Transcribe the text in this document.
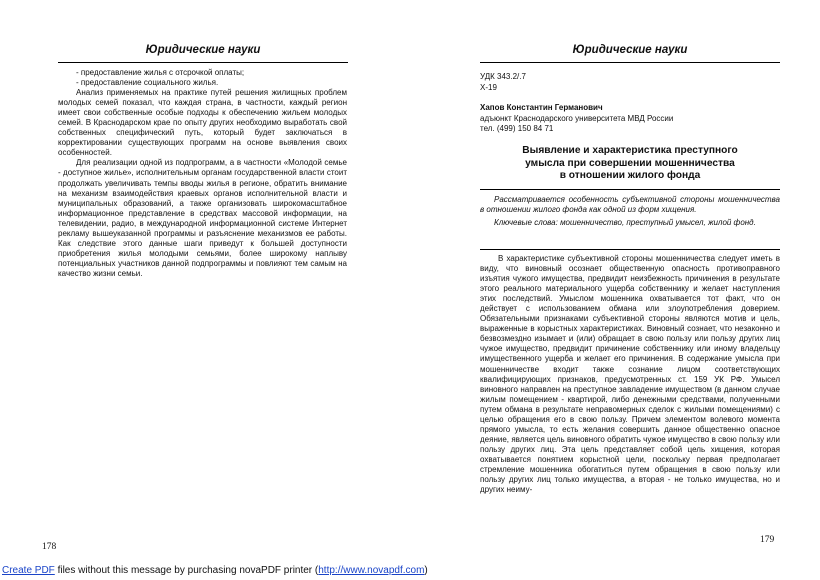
Юридические науки

- предоставление жилья с отсрочкой оплаты;

- предоставление социального жилья.

Анализ применяемых на практике путей решения жилищных проблем молодых семей показал, что каждая страна, в частности, каждый регион имеет свои собственные особые подходы к обеспечению жильем молодых семей. В Краснодарском крае по опыту других необходимо выработать свой собственных специфический путь, который будет заключаться в корректировании существующих программ на основе выявления своих особенностей.

Для реализации одной из подпрограмм, а в частности «Молодой семье - доступное жилье», исполнительным органам государственной власти стоит продолжать увеличивать темпы вводы жилья в регионе, обратить внимание на механизм взаимодействия краевых органов исполнительной власти и муниципальных образований, а также организовать широкомасштабное информационное представление в средствах массовой информации, на телевидении, радио, в международной информационной системе Интернет рекламу вышеуказанной программы и разъяснение механизмов ее работы. Как следствие этого данные шаги приведут к большей доступности приобретения жилья молодыми семьями, более широкому наплыву потенциальных участников данной подпрограммы и повлияют тем самым на качество жизни семьи.

178
Юридические науки
УДК 343.2/.7
Х-19
Хапов Константин Германович
адъюнкт Краснодарского университета МВД России
тел. (499) 150 84 71
Выявление и характеристика преступного
умысла при совершении мошенничества
в отношении жилого фонда

Рассматривается особенность субъективной стороны мошенничества в отношении жилого фонда как одной из форм хищения.

Ключевые слова: мошенничество, преступный умысел, жилой фонд.

В характеристике субъективной стороны мошенничества следует иметь в виду, что виновный осознает общественную опасность противоправного изъятия чужого имущества, предвидит неизбежность причинения в результате этого реального материального ущерба собственнику и желает наступления этих последствий. Умыслом мошенника охватывается тот факт, что он действует с использованием обмана или злоупотребления доверием. Обязательными признаками субъективной стороны являются мотив и цель, выраженные в корыстных характеристиках. Виновный сознает, что незаконно и безвозмездно изымает и (или) обращает в свою пользу или пользу других лиц чужое имущество, предвидит причинение собственнику или иному владельцу имущественного ущерба и желает его причинения. В содержание умысла при мошенничестве входит также сознание лицом соответствующих квалифицирующих признаков, предусмотренных ст. 159 УК РФ. Умысел виновного направлен на преступное завладение имуществом (в данном случае жилым помещением - квартирой, либо денежными средствами, полученными путем обмана в результате неправомерных сделок с жилыми помещениями) с целью обращения его в свою пользу. Причем элементом волевого момента прямого умысла, то есть желания совершить данное общественно опасное деяние, является цель виновного обратить чужое имущество в свою пользу или пользу других лиц. Эта цель представляет собой цель хищения, которая охватывается понятием корыстной цели, поскольку первая предполагает стремление мошенника обогатиться путем обращения в свою пользу или пользу других лиц только имущества, а вторая - не только имущества, но и других неиму-

179
Create PDF files without this message by purchasing novaPDF printer (http://www.novapdf.com)
